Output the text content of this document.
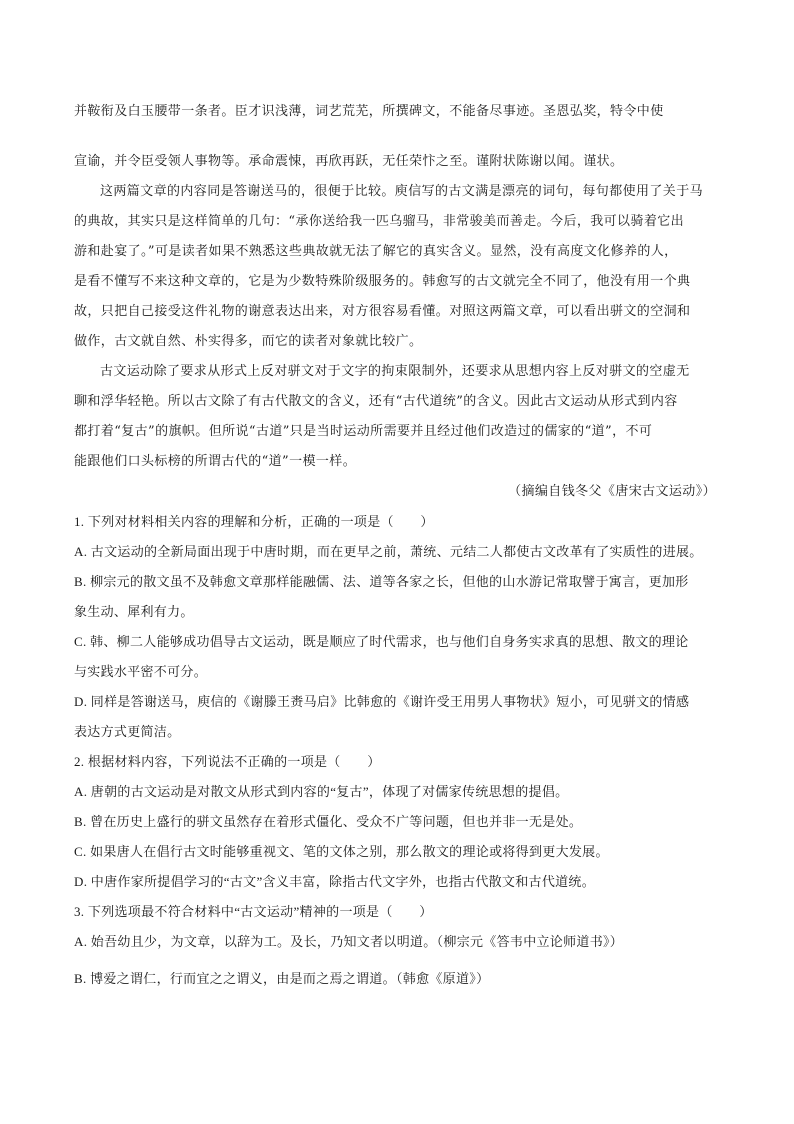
并鞍衔及白玉腰带一条者。臣才识浅薄，词艺荒芜，所撰碑文，不能备尽事迹。圣恩弘奖，特令中使
宣谕，并令臣受领人事物等。承命震悚，再欣再跃，无任荣忭之至。谨附状陈谢以闻。谨状。
这两篇文章的内容同是答谢送马的，很便于比较。庾信写的古文满是漂亮的词句，每句都使用了关于马
的典故，其实只是这样简单的几句：“承你送给我一匹乌骝马，非常骏美而善走。今后，我可以骑着它出
游和赴宴了。”可是读者如果不熟悉这些典故就无法了解它的真实含义。显然，没有高度文化修养的人，
是看不懂写不来这种文章的，它是为少数特殊阶级服务的。韩愈写的古文就完全不同了，他没有用一个典
故，只把自己接受这件礼物的谢意表达出来，对方很容易看懂。对照这两篇文章，可以看出骈文的空洞和
做作，古文就自然、朴实得多，而它的读者对象就比较广。
古文运动除了要求从形式上反对骈文对于文字的拘束限制外，还要求从思想内容上反对骈文的空虚无
聊和浮华轻艳。所以古文除了有古代散文的含义，还有“古代道统”的含义。因此古文运动从形式到内容
都打着“复古”的旗帜。但所说“古道”只是当时运动所需要并且经过他们改造过的儒家的“道”，不可
能跟他们口头标榜的所谓古代的“道”一模一样。
（摘编自钱冬父《唐宋古文运动》）
1. 下列对材料相关内容的理解和分析，正确的一项是（　　）
A. 古文运动的全新局面出现于中唐时期，而在更早之前，萧统、元结二人都使古文改革有了实质性的进展。
B. 柳宗元的散文虽不及韩愈文章那样能融儒、法、道等各家之长，但他的山水游记常取譬于寓言，更加形
象生动、犀利有力。
C. 韩、柳二人能够成功倡导古文运动，既是顺应了时代需求，也与他们自身务实求真的思想、散文的理论
与实践水平密不可分。
D. 同样是答谢送马，庾信的《谢滕王赉马启》比韩愈的《谢许受王用男人事物状》短小，可见骈文的情感
表达方式更简洁。
2. 根据材料内容，下列说法不正确的一项是（　　）
A. 唐朝的古文运动是对散文从形式到内容的“复古”，体现了对儒家传统思想的提倡。
B. 曾在历史上盛行的骈文虽然存在着形式僵化、受众不广等问题，但也并非一无是处。
C. 如果唐人在倡行古文时能够重视文、笔的文体之别，那么散文的理论或将得到更大发展。
D. 中唐作家所提倡学习的“古文”含义丰富，除指古代文字外，也指古代散文和古代道统。
3. 下列选项最不符合材料中“古文运动”精神的一项是（　　）
A. 始吾幼且少，为文章，以辞为工。及长，乃知文者以明道。（柳宗元《答韦中立论师道书》）
B. 博爱之谓仁，行而宜之之谓义，由是而之焉之谓道。（韩愈《原道》）
